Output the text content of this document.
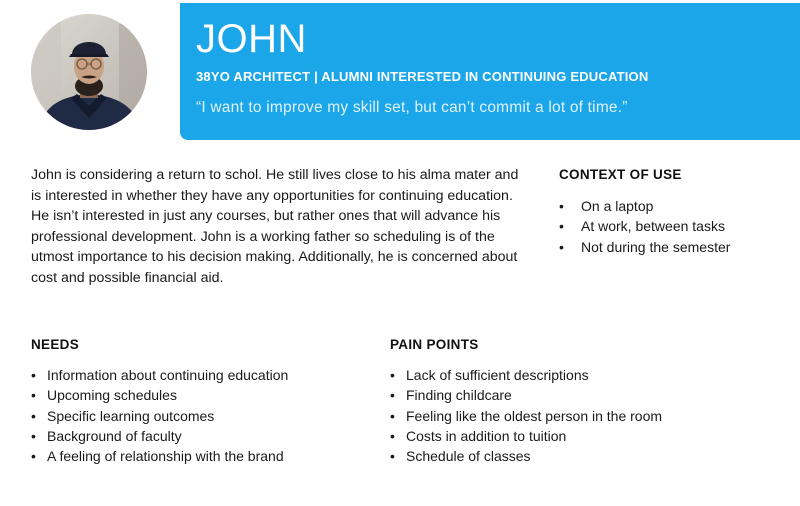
JOHN
38YO ARCHITECT | ALUMNI INTERESTED IN CONTINUING EDUCATION
“I want to improve my skill set, but can’t commit a lot of time.”

John is considering a return to schol. He still lives close to his alma mater and is interested in whether they have any opportunities for continuing education. He isn’t interested in just any courses, but rather ones that will advance his professional development. John is a working father so scheduling is of the utmost importance to his decision making. Additionally, he is concerned about cost and possible financial aid.

CONTEXT OF USE
• On a laptop
• At work, between tasks
• Not during the semester
NEEDS
• Information about continuing education
• Upcoming schedules
• Specific learning outcomes
• Background of faculty
• A feeling of relationship with the brand
PAIN POINTS
• Lack of sufficient descriptions
• Finding childcare
• Feeling like the oldest person in the room
• Costs in addition to tuition
• Schedule of classes
